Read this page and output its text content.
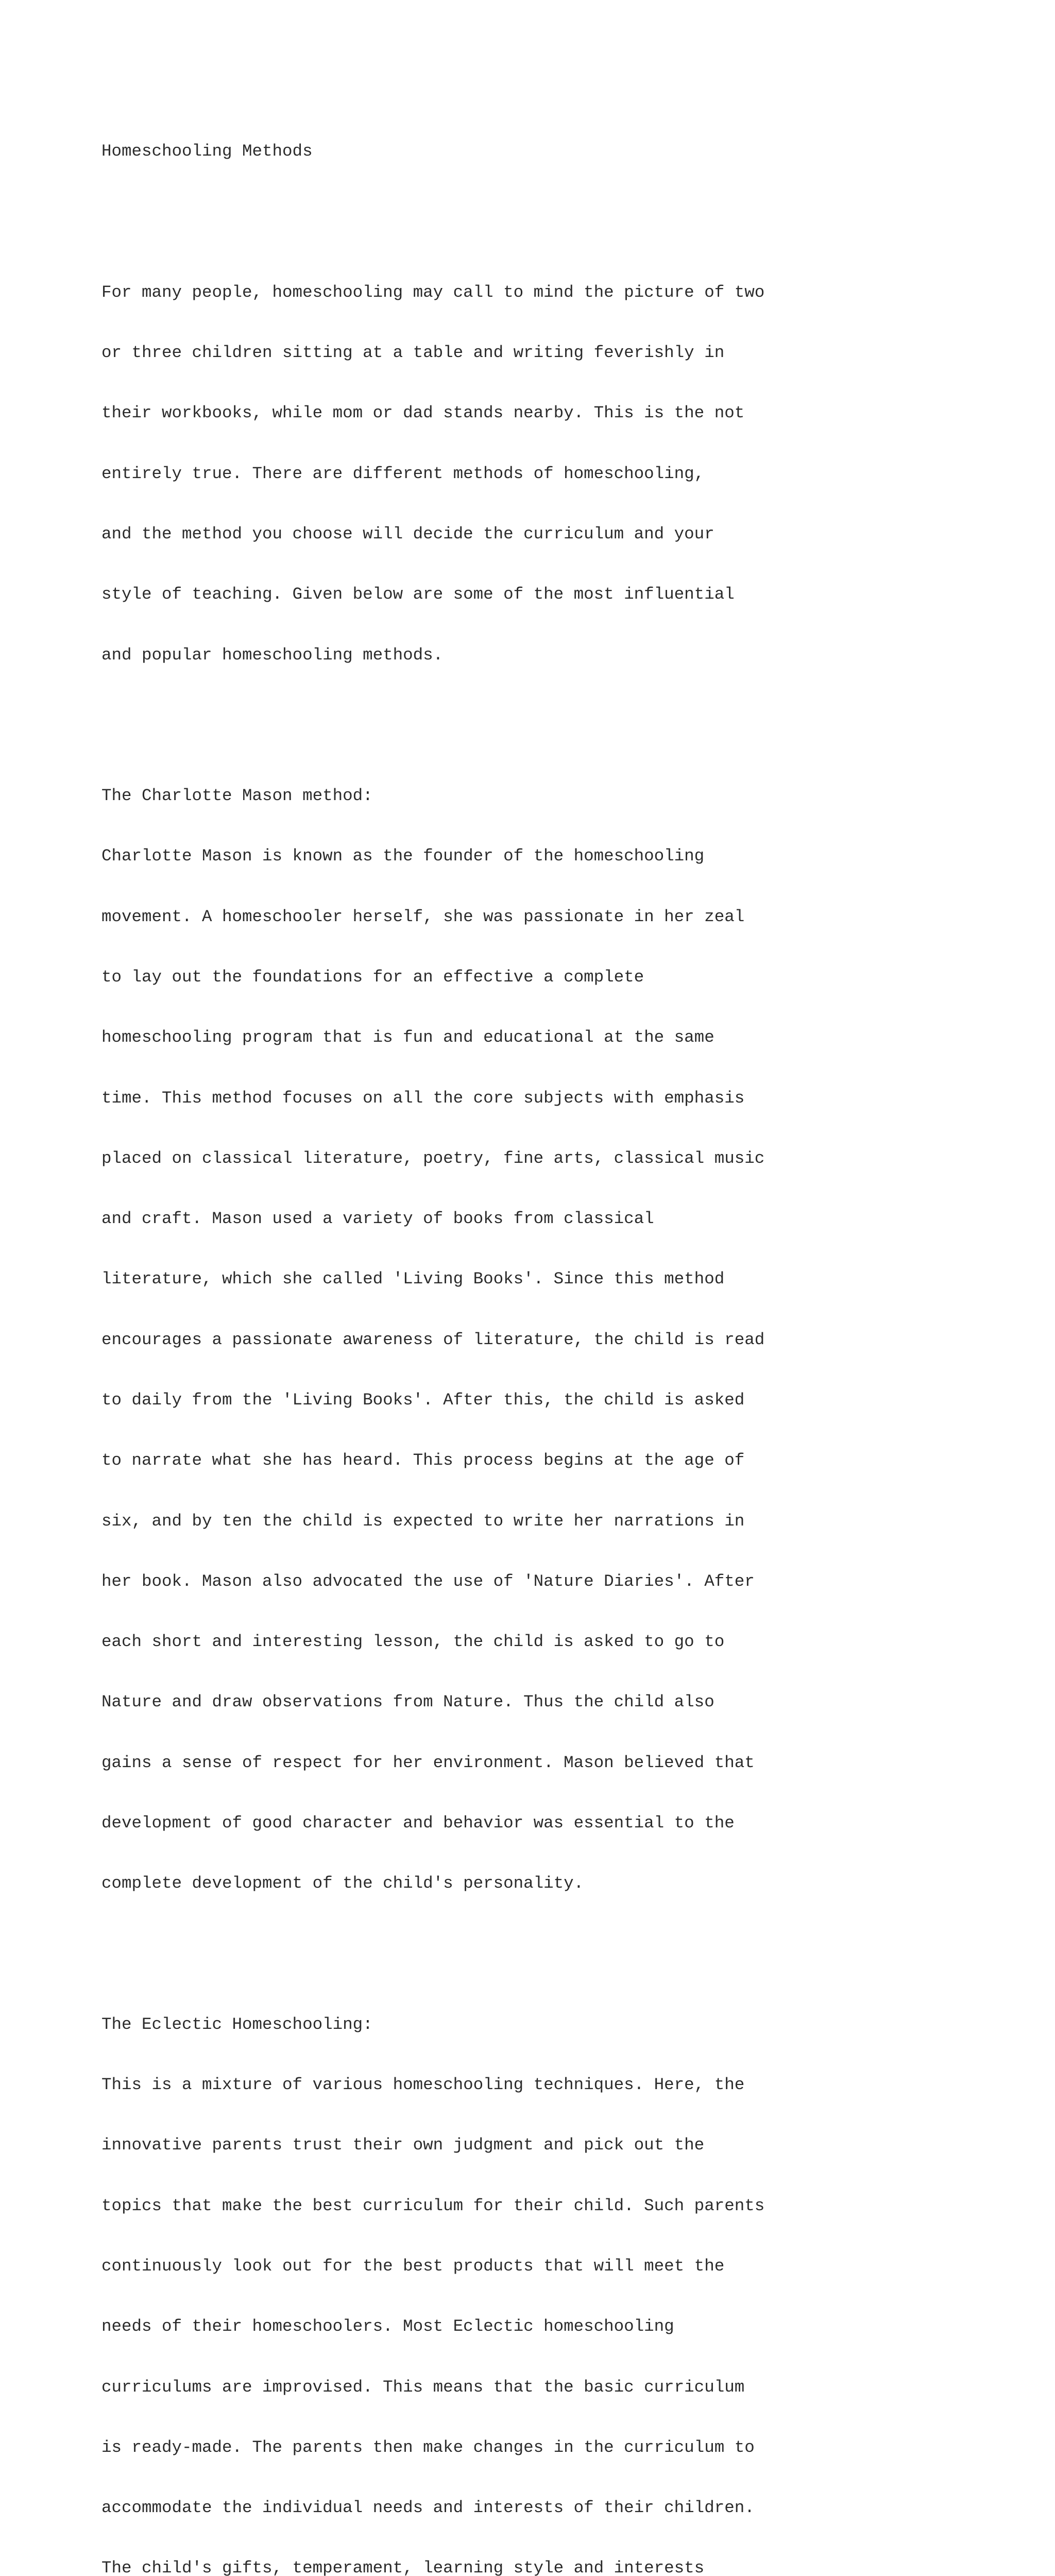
Homeschooling Methods

For many people, homeschooling may call to mind the picture of two

or three children sitting at a table and writing feverishly in

their workbooks, while mom or dad stands nearby. This is the not

entirely true. There are different methods of homeschooling,

and the method you choose will decide the curriculum and your

style of teaching. Given below are some of the most influential

and popular homeschooling methods.

The Charlotte Mason method:

Charlotte Mason is known as the founder of the homeschooling

movement. A homeschooler herself, she was passionate in her zeal

to lay out the foundations for an effective a complete

homeschooling program that is fun and educational at the same

time. This method focuses on all the core subjects with emphasis

placed on classical literature, poetry, fine arts, classical music

and craft. Mason used a variety of books from classical

literature, which she called 'Living Books'. Since this method

encourages a passionate awareness of literature, the child is read

to daily from the 'Living Books'. After this, the child is asked

to narrate what she has heard. This process begins at the age of

six, and by ten the child is expected to write her narrations in

her book. Mason also advocated the use of 'Nature Diaries'. After

each short and interesting lesson, the child is asked to go to

Nature and draw observations from Nature. Thus the child also

gains a sense of respect for her environment. Mason believed that

development of good character and behavior was essential to the

complete development of the child's personality.

The Eclectic Homeschooling:

This is a mixture of various homeschooling techniques. Here, the

innovative parents trust their own judgment and pick out the

topics that make the best curriculum for their child. Such parents

continuously look out for the best products that will meet the

needs of their homeschoolers. Most Eclectic homeschooling

curriculums are improvised. This means that the basic curriculum

is ready-made. The parents then make changes in the curriculum to

accommodate the individual needs and interests of their children.

The child's gifts, temperament, learning style and interests
